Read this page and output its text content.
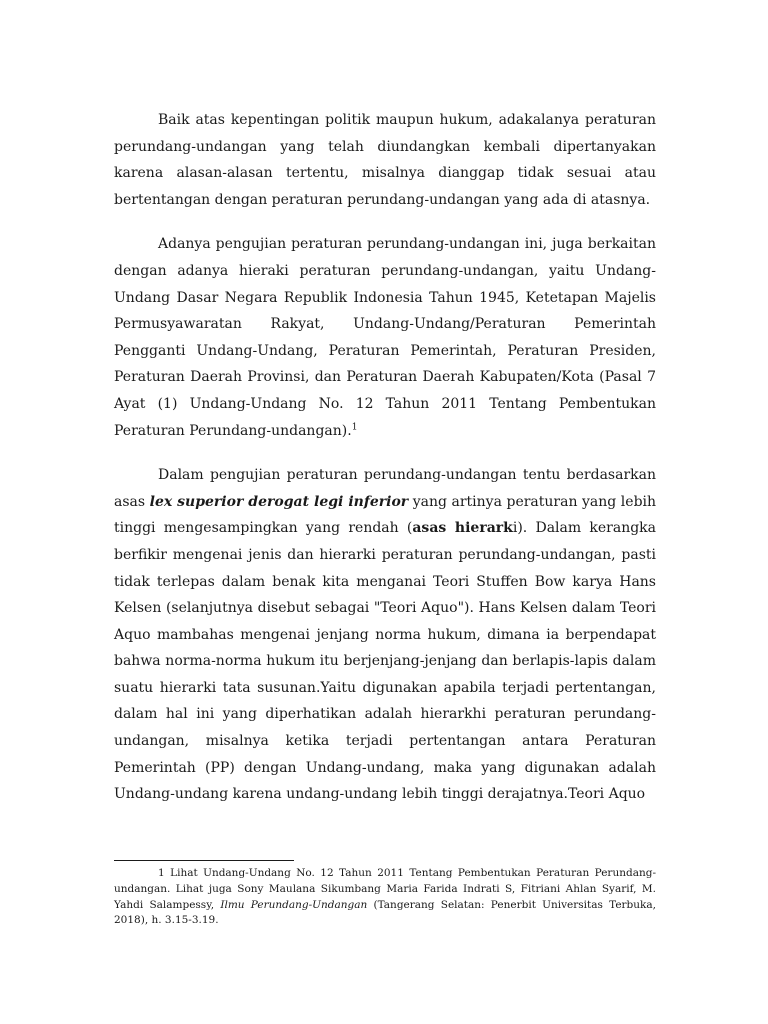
Baik atas kepentingan politik maupun hukum, adakalanya peraturan perundang-undangan yang telah diundangkan kembali dipertanyakan karena alasan-alasan tertentu, misalnya dianggap tidak sesuai atau bertentangan dengan peraturan perundang-undangan yang ada di atasnya.

Adanya pengujian peraturan perundang-undangan ini, juga berkaitan dengan adanya hieraki peraturan perundang-undangan, yaitu Undang-Undang Dasar Negara Republik Indonesia Tahun 1945, Ketetapan Majelis Permusyawaratan Rakyat, Undang-Undang/Peraturan Pemerintah Pengganti Undang-Undang, Peraturan Pemerintah, Peraturan Presiden, Peraturan Daerah Provinsi, dan Peraturan Daerah Kabupaten/Kota (Pasal 7 Ayat (1) Undang-Undang No. 12 Tahun 2011 Tentang Pembentukan Peraturan Perundang-undangan).$^1$

Dalam pengujian peraturan perundang-undangan tentu berdasarkan asas lex superior derogat legi inferior yang artinya peraturan yang lebih tinggi mengesampingkan yang rendah (asas hierarki). Dalam kerangka berfikir mengenai jenis dan hierarki peraturan perundang-undangan, pasti tidak terlepas dalam benak kita menganai Teori Stuffen Bow karya Hans Kelsen (selanjutnya disebut sebagai "Teori Aquo"). Hans Kelsen dalam Teori Aquo mambahas mengenai jenjang norma hukum, dimana ia berpendapat bahwa norma-norma hukum itu berjenjang-jenjang dan berlapis-lapis dalam suatu hierarki tata susunan.Yaitu digunakan apabila terjadi pertentangan, dalam hal ini yang diperhatikan adalah hierarkhi peraturan perundang-undangan, misalnya ketika terjadi pertentangan antara Peraturan Pemerintah (PP) dengan Undang-undang, maka yang digunakan adalah Undang-undang karena undang-undang lebih tinggi derajatnya.Teori Aquo

1 Lihat Undang-Undang No. 12 Tahun 2011 Tentang Pembentukan Peraturan Perundang-undangan. Lihat juga Sony Maulana Sikumbang Maria Farida Indrati S, Fitriani Ahlan Syarif, M. Yahdi Salampessy, Ilmu Perundang-Undangan (Tangerang Selatan: Penerbit Universitas Terbuka, 2018), h. 3.15-3.19.
